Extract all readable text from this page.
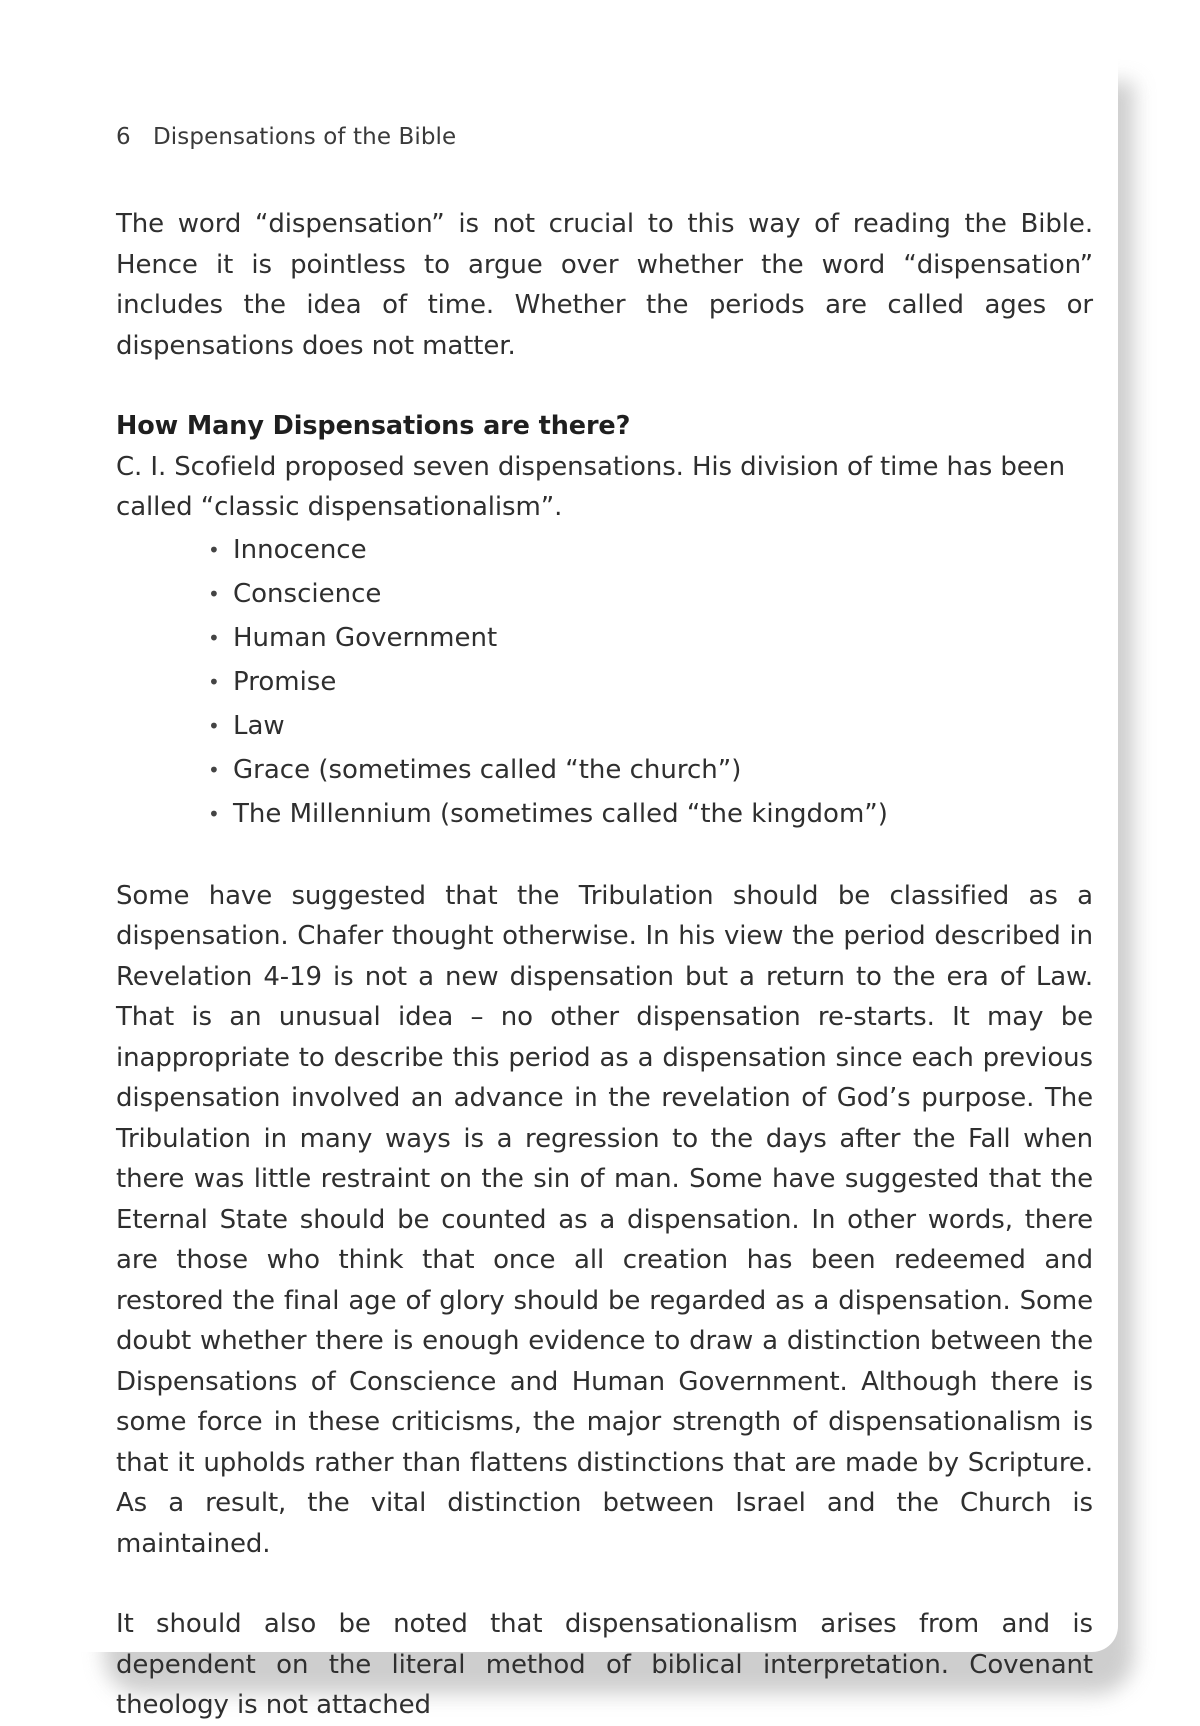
6 Dispensations of the Bible

The word “dispensation” is not crucial to this way of reading the Bible. Hence it is pointless to argue over whether the word “dispensation” includes the idea of time. Whether the periods are called ages or dispensations does not matter.

How Many Dispensations are there?

C. I. Scofield proposed seven dispensations. His division of time has been called “classic dispensationalism”.

• Innocence
• Conscience
• Human Government
• Promise
• Law
• Grace (sometimes called “the church”)
• The Millennium (sometimes called “the kingdom”)

Some have suggested that the Tribulation should be classified as a dispensation. Chafer thought otherwise. In his view the period described in Revelation 4-19 is not a new dispensation but a return to the era of Law. That is an unusual idea – no other dispensation re-starts. It may be inappropriate to describe this period as a dispensation since each previous dispensation involved an advance in the revelation of God’s purpose. The Tribulation in many ways is a regression to the days after the Fall when there was little restraint on the sin of man. Some have suggested that the Eternal State should be counted as a dispensation. In other words, there are those who think that once all creation has been redeemed and restored the final age of glory should be regarded as a dispensation. Some doubt whether there is enough evidence to draw a distinction between the Dispensations of Conscience and Human Government. Although there is some force in these criticisms, the major strength of dispensationalism is that it upholds rather than flattens distinctions that are made by Scripture. As a result, the vital distinction between Israel and the Church is maintained.

It should also be noted that dispensationalism arises from and is dependent on the literal method of biblical interpretation. Covenant theology is not attached
